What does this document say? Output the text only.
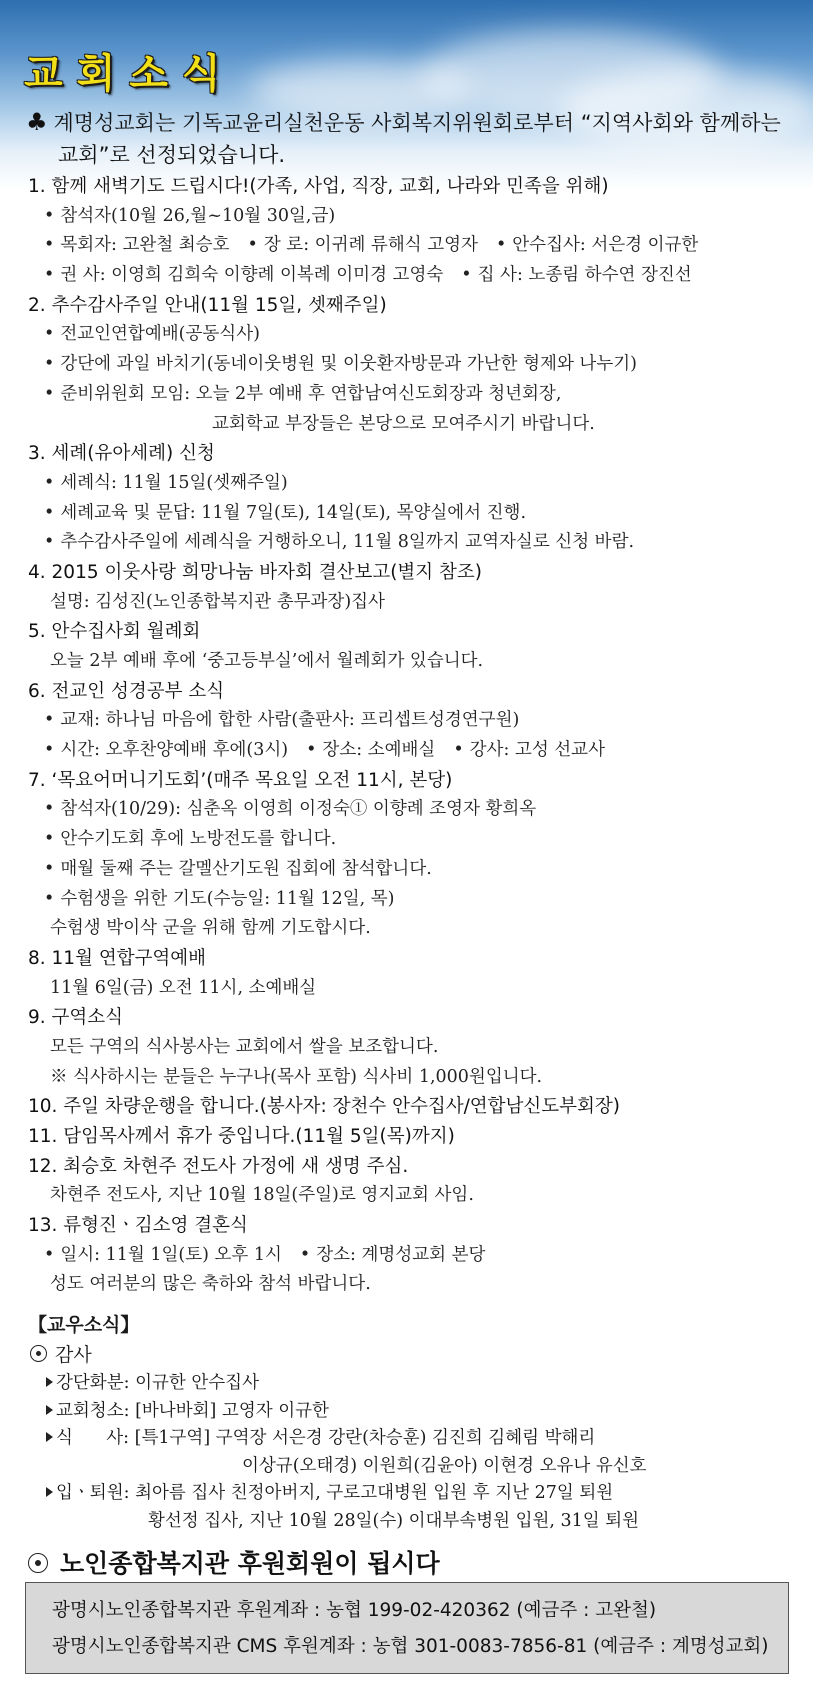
교회소식
♣ 계명성교회는 기독교윤리실천운동 사회복지위원회로부터 “지역사회와 함께하는
교회”로 선정되었습니다.
1. 함께 새벽기도 드립시다!(가족, 사업, 직장, 교회, 나라와 민족을 위해)
• 참석자(10월 26,월~10월 30일,금)
• 목회자: 고완철 최승호 • 장 로: 이귀례 류해식 고영자 • 안수집사: 서은경 이규한
• 권 사: 이영희 김희숙 이향례 이복례 이미경 고영숙 • 집 사: 노종림 하수연 장진선
2. 추수감사주일 안내(11월 15일, 셋째주일)
• 전교인연합예배(공동식사)
• 강단에 과일 바치기(동네이웃병원 및 이웃환자방문과 가난한 형제와 나누기)
• 준비위원회 모임: 오늘 2부 예배 후 연합남여신도회장과 청년회장,
교회학교 부장들은 본당으로 모여주시기 바랍니다.
3. 세례(유아세례) 신청
• 세례식: 11월 15일(셋째주일)
• 세례교육 및 문답: 11월 7일(토), 14일(토), 목양실에서 진행.
• 추수감사주일에 세례식을 거행하오니, 11월 8일까지 교역자실로 신청 바람.
4. 2015 이웃사랑 희망나눔 바자회 결산보고(별지 참조)
설명: 김성진(노인종합복지관 총무과장)집사
5. 안수집사회 월례회
오늘 2부 예배 후에 ‘중고등부실’에서 월례회가 있습니다.
6. 전교인 성경공부 소식
• 교재: 하나님 마음에 합한 사람(출판사: 프리셉트성경연구원)
• 시간: 오후찬양예배 후에(3시) • 장소: 소예배실 • 강사: 고성 선교사
7. ‘목요어머니기도회’(매주 목요일 오전 11시, 본당)
• 참석자(10/29): 심춘옥 이영희 이정숙① 이향례 조영자 황희옥
• 안수기도회 후에 노방전도를 합니다.
• 매월 둘째 주는 갈멜산기도원 집회에 참석합니다.
• 수험생을 위한 기도(수능일: 11월 12일, 목)
수험생 박이삭 군을 위해 함께 기도합시다.
8. 11월 연합구역예배
11월 6일(금) 오전 11시, 소예배실
9. 구역소식
모든 구역의 식사봉사는 교회에서 쌀을 보조합니다.
※ 식사하시는 분들은 누구나(목사 포함) 식사비 1,000원입니다.
10. 주일 차량운행을 합니다.(봉사자: 장천수 안수집사/연합남신도부회장)
11. 담임목사께서 휴가 중입니다.(11월 5일(목)까지)
12. 최승호 차현주 전도사 가정에 새 생명 주심.
차현주 전도사, 지난 10월 18일(주일)로 영지교회 사임.
13. 류형진ㆍ김소영 결혼식
• 일시: 11월 1일(토) 오후 1시 • 장소: 계명성교회 본당
성도 여러분의 많은 축하와 참석 바랍니다.
【교우소식】
감사
강단화분: 이규한 안수집사
교회청소: [바나바회] 고영자 이규한
식      사: [특1구역] 구역장 서은경 강란(차승훈) 김진희 김혜림 박해리
이상규(오태경) 이원희(김윤아) 이현경 오유나 유신호
입ㆍ퇴원: 최아름 집사 친정아버지, 구로고대병원 입원 후 지난 27일 퇴원
황선정 집사, 지난 10월 28일(수) 이대부속병원 입원, 31일 퇴원
노인종합복지관 후원회원이 됩시다
광명시노인종합복지관 후원계좌 : 농협 199-02-420362 (예금주 : 고완철)
광명시노인종합복지관 CMS 후원계좌 : 농협 301-0083-7856-81 (예금주 : 계명성교회)
